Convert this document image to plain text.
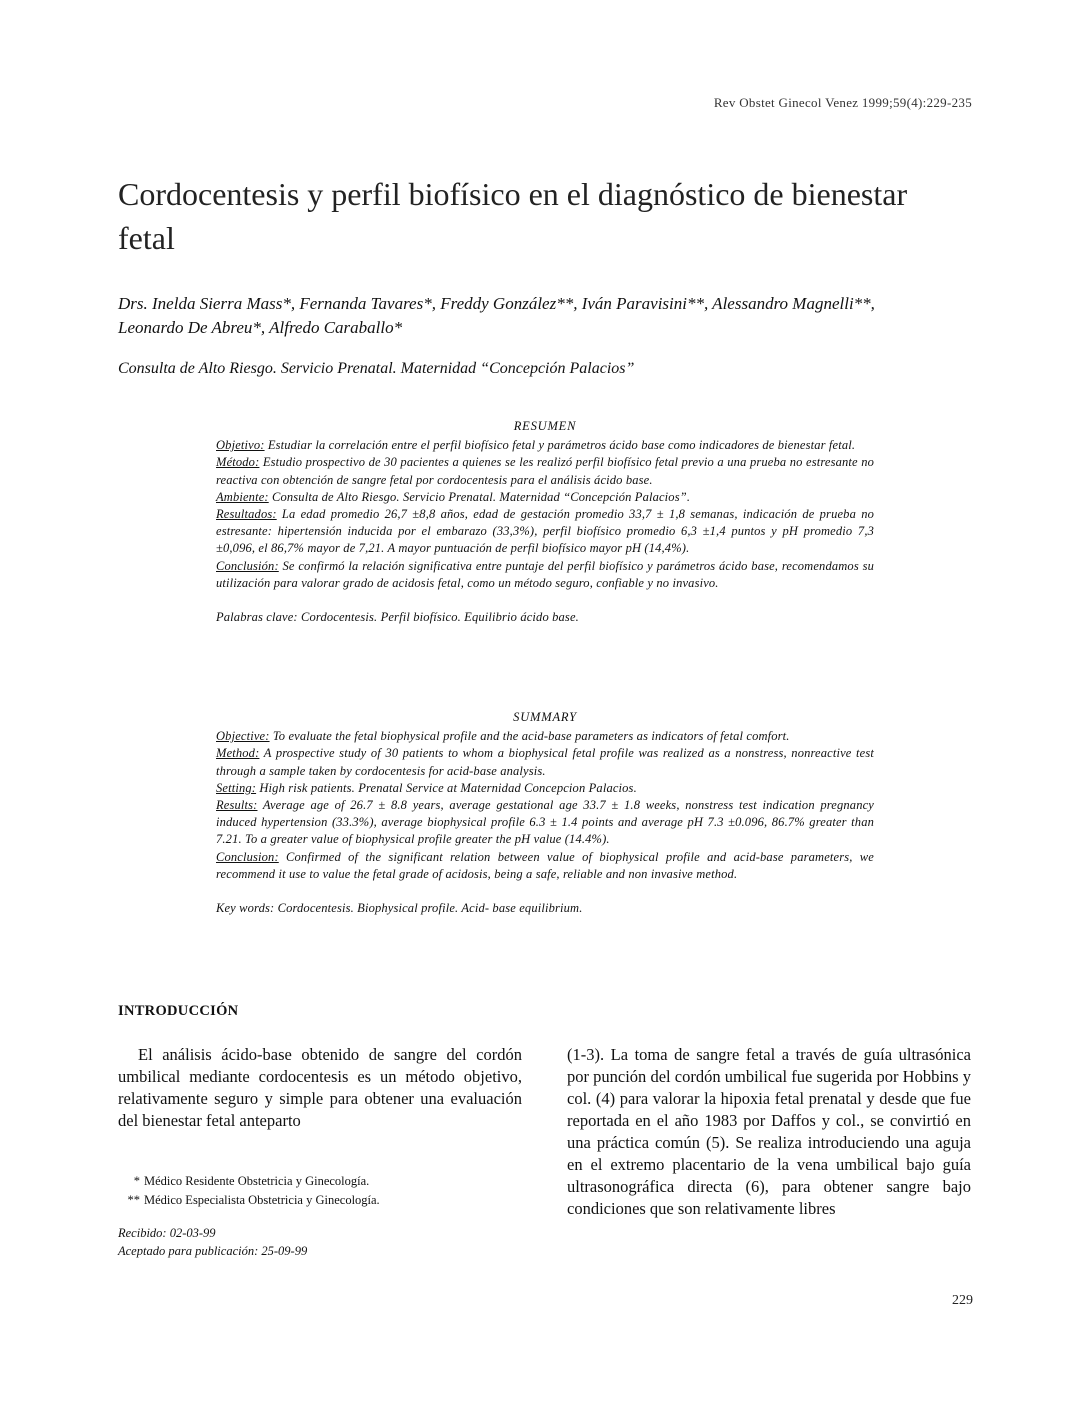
Rev Obstet Ginecol Venez 1999;59(4):229-235
Cordocentesis y perfil biofísico en el diagnóstico de bienestar fetal
Drs. Inelda Sierra Mass*, Fernanda Tavares*, Freddy González**, Iván Paravisini**, Alessandro Magnelli**, Leonardo De Abreu*, Alfredo Caraballo*
Consulta de Alto Riesgo. Servicio Prenatal. Maternidad “Concepción Palacios”
RESUMEN

Objetivo: Estudiar la correlación entre el perfil biofísico fetal y parámetros ácido base como indicadores de bienestar fetal.

Método: Estudio prospectivo de 30 pacientes a quienes se les realizó perfil biofísico fetal previo a una prueba no estresante no reactiva con obtención de sangre fetal por cordocentesis para el análisis ácido base.

Ambiente: Consulta de Alto Riesgo. Servicio Prenatal. Maternidad “Concepción Palacios”.

Resultados: La edad promedio 26,7 ±8,8 años, edad de gestación promedio 33,7 ± 1,8 semanas, indicación de prueba no estresante: hipertensión inducida por el embarazo (33,3%), perfil biofísico promedio 6,3 ±1,4 puntos y pH promedio 7,3 ±0,096, el 86,7% mayor de 7,21. A mayor puntuación de perfil biofísico mayor pH (14,4%).

Conclusión: Se confirmó la relación significativa entre puntaje del perfil biofísico y parámetros ácido base, recomendamos su utilización para valorar grado de acidosis fetal, como un método seguro, confiable y no invasivo.

Palabras clave: Cordocentesis. Perfil biofísico. Equilibrio ácido base.

SUMMARY

Objective: To evaluate the fetal biophysical profile and the acid-base parameters as indicators of fetal comfort.

Method: A prospective study of 30 patients to whom a biophysical fetal profile was realized as a nonstress, nonreactive test through a sample taken by cordocentesis for acid-base analysis.

Setting: High risk patients. Prenatal Service at Maternidad Concepcion Palacios.

Results: Average age of 26.7 ± 8.8 years, average gestational age 33.7 ± 1.8 weeks, nonstress test indication pregnancy induced hypertension (33.3%), average biophysical profile 6.3 ± 1.4 points and average pH 7.3 ±0.096, 86.7% greater than 7.21. To a greater value of biophysical profile greater the pH value (14.4%).

Conclusion: Confirmed of the significant relation between value of biophysical profile and acid-base parameters, we recommend it use to value the fetal grade of acidosis, being a safe, reliable and non invasive method.

Key words: Cordocentesis. Biophysical profile. Acid- base equilibrium.

INTRODUCCIÓN

El análisis ácido-base obtenido de sangre del cordón umbilical mediante cordocentesis es un método objetivo, relativamente seguro y simple para obtener una evaluación del bienestar fetal anteparto

(1-3). La toma de sangre fetal a través de guía ultrasónica por punción del cordón umbilical fue sugerida por Hobbins y col. (4) para valorar la hipoxia fetal prenatal y desde que fue reportada en el año 1983 por Daffos y col., se convirtió en una práctica común (5). Se realiza introduciendo una aguja en el extremo placentario de la vena umbilical bajo guía ultrasonográfica directa (6), para obtener sangre bajo condiciones que son relativamente libres

* Médico Residente Obstetricia y Ginecología.
** Médico Especialista Obstetricia y Ginecología.
Recibido: 02-03-99
Aceptado para publicación: 25-09-99
229
